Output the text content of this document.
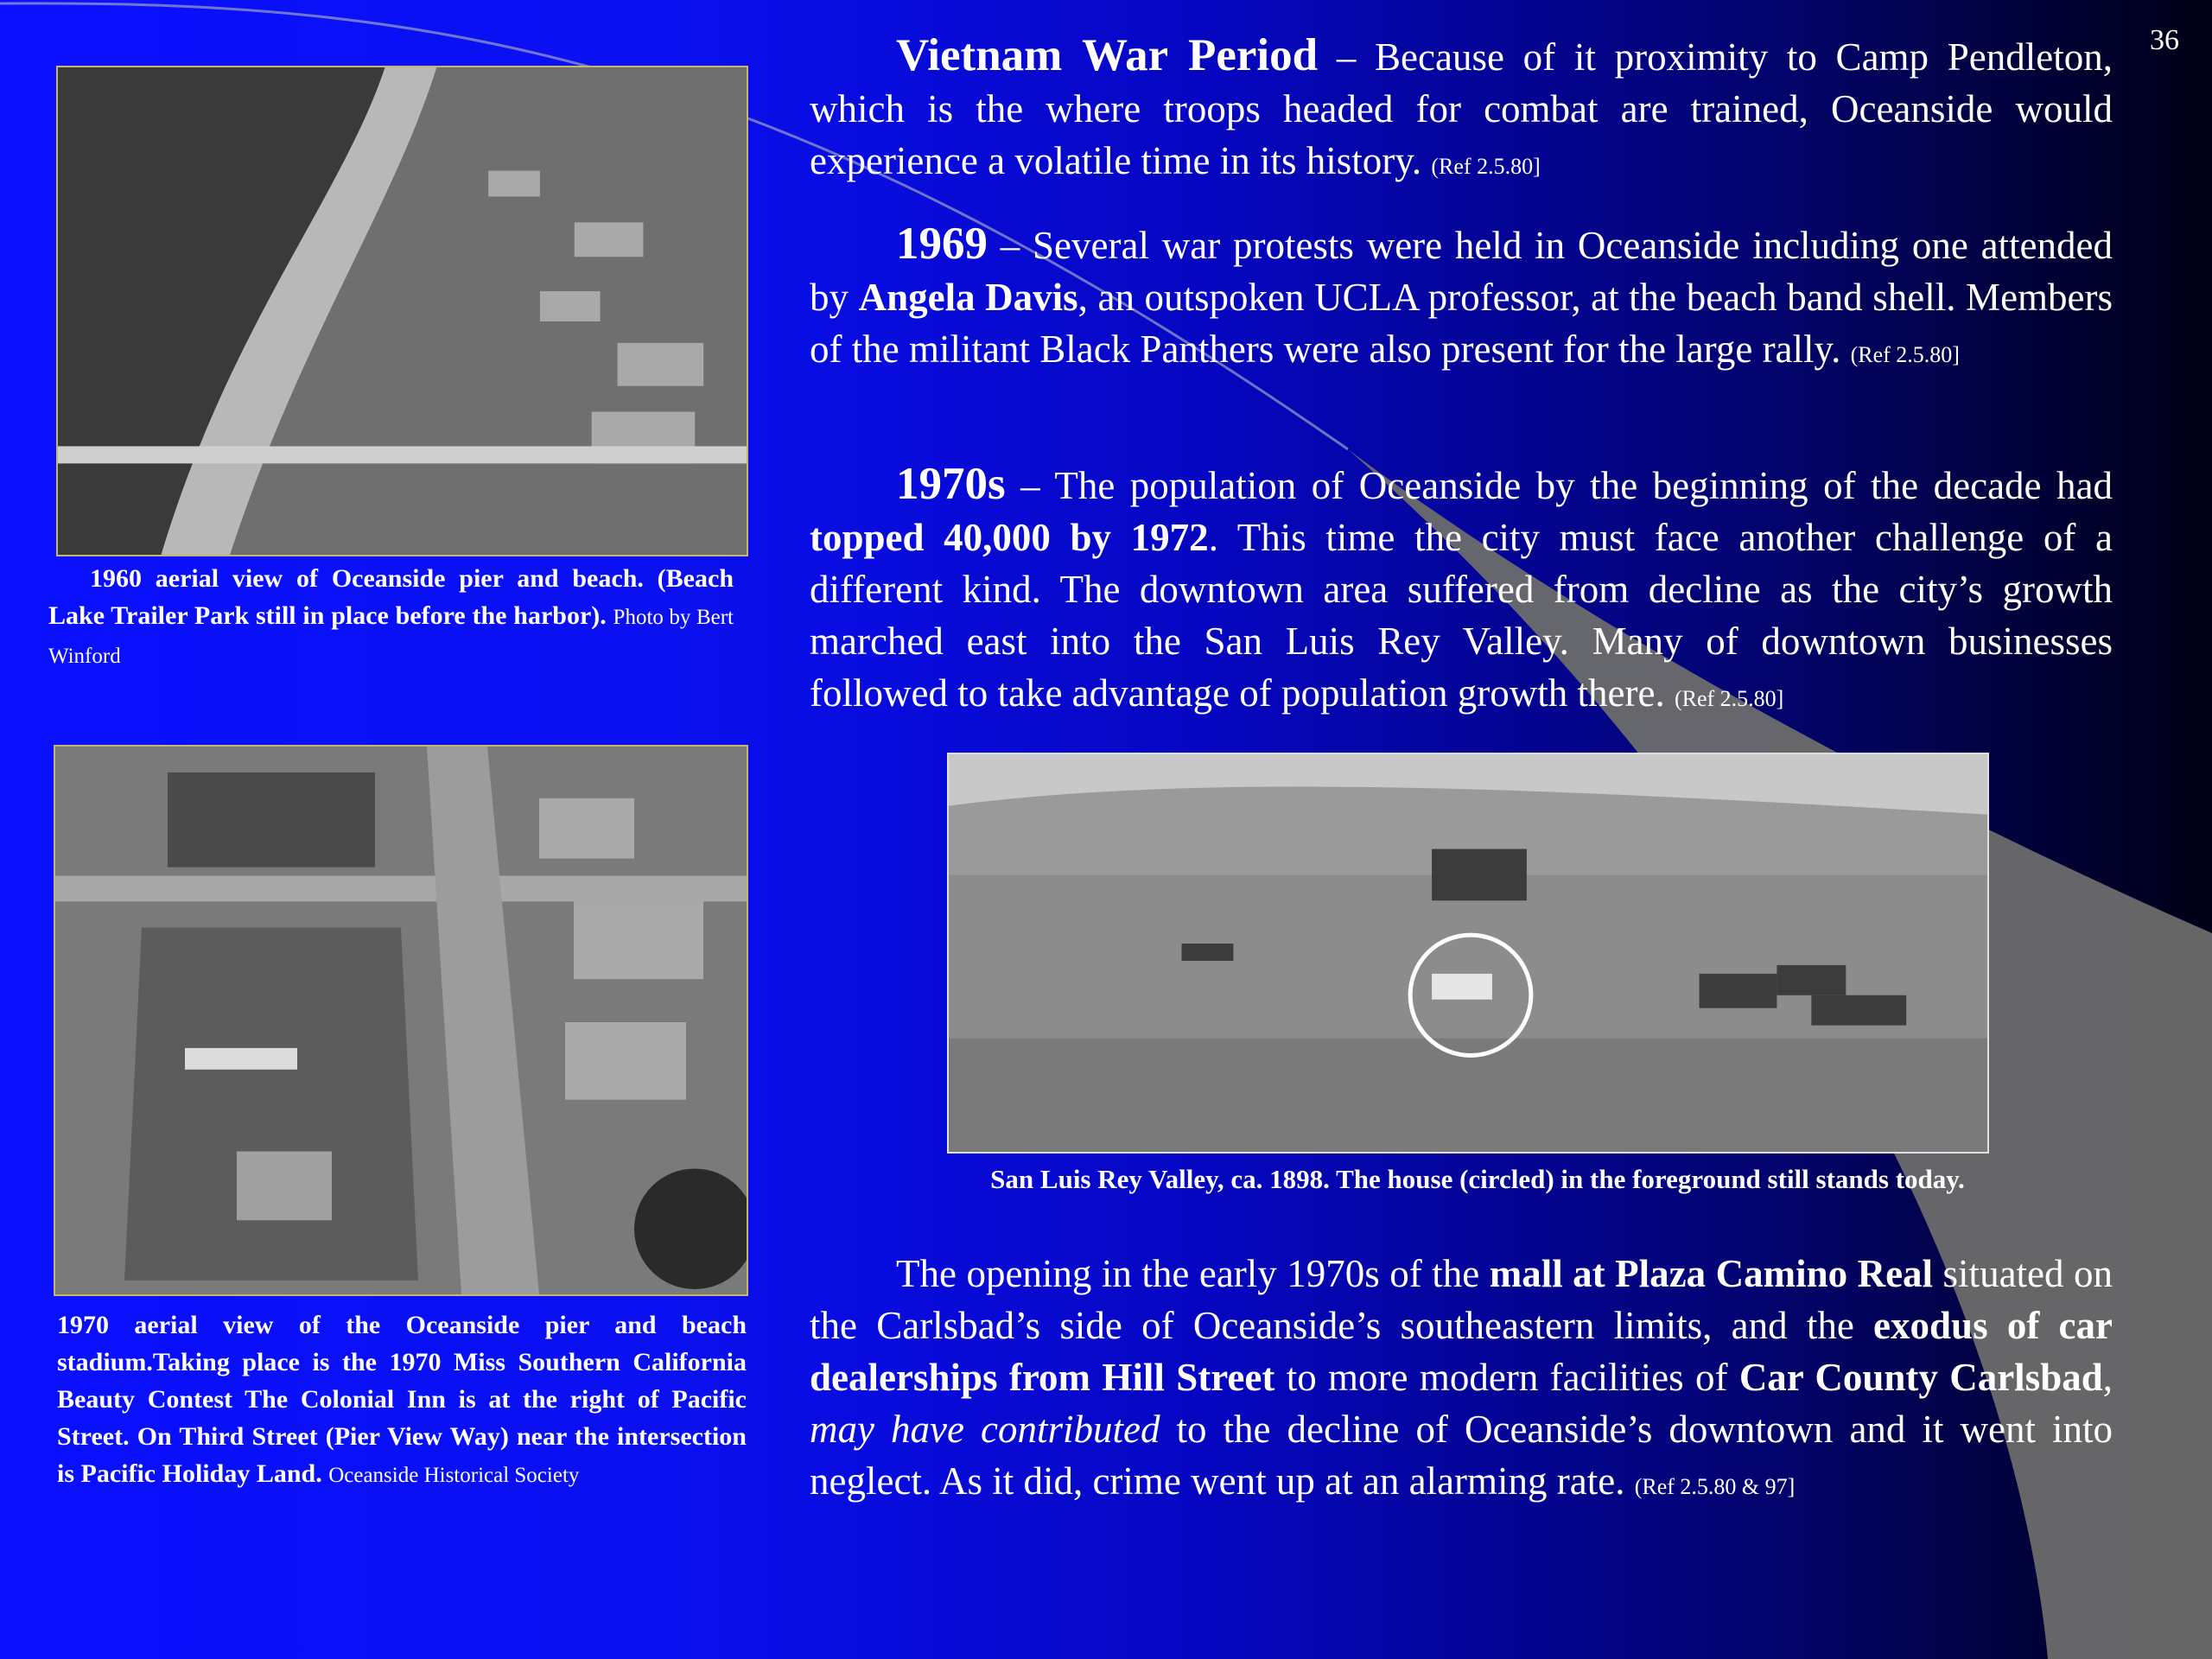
36
1960 aerial view of Oceanside pier and beach. (Beach Lake Trailer Park still in place before the harbor). Photo by Bert Winford
1970 aerial view of the Oceanside pier and beach stadium.Taking place is the 1970 Miss Southern California Beauty Contest The Colonial Inn is at the right of Pacific Street. On Third Street (Pier View Way) near the intersection is Pacific Holiday Land. Oceanside Historical Society
San Luis Rey Valley, ca. 1898. The house (circled) in the foreground still stands today.
Vietnam War Period – Because of it proximity to Camp Pendleton, which is the where troops headed for combat are trained, Oceanside would experience a volatile time in its history. (Ref 2.5.80]
1969 – Several war protests were held in Oceanside including one attended by Angela Davis, an outspoken UCLA professor, at the beach band shell. Members of the militant Black Panthers were also present for the large rally. (Ref 2.5.80]
1970s – The population of Oceanside by the beginning of the decade had topped 40,000 by 1972. This time the city must face another challenge of a different kind. The downtown area suffered from decline as the city’s growth marched east into the San Luis Rey Valley. Many of downtown businesses followed to take advantage of population growth there. (Ref 2.5.80]
The opening in the early 1970s of the mall at Plaza Camino Real situated on the Carlsbad’s side of Oceanside’s southeastern limits, and the exodus of car dealerships from Hill Street to more modern facilities of Car County Carlsbad, may have contributed to the decline of Oceanside’s downtown and it went into neglect. As it did, crime went up at an alarming rate. (Ref 2.5.80 & 97]
